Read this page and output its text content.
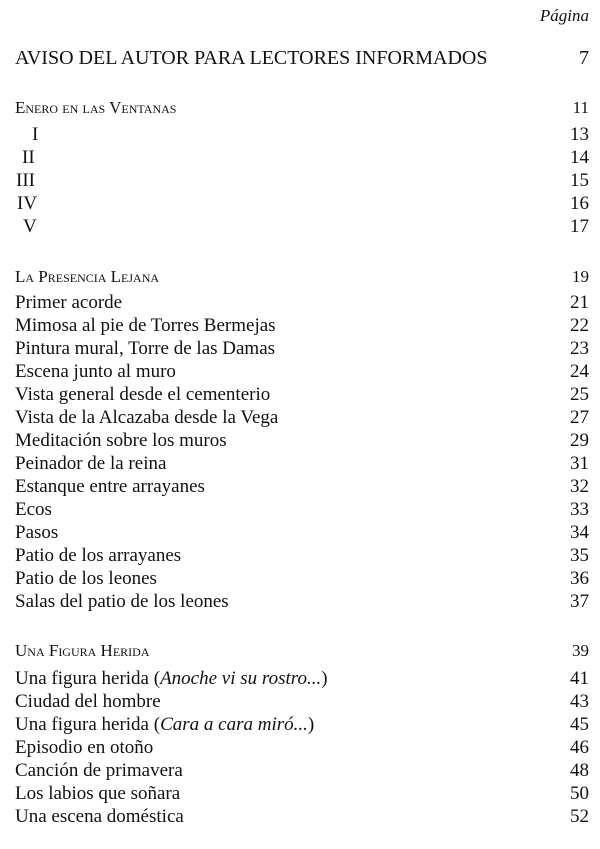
Página
AVISO DEL AUTOR PARA LECTORES INFORMADOS	7
Enero en las Ventanas	11
I	13
II	14
III	15
IV	16
V	17
La Presencia Lejana	19
Primer acorde	21
Mimosa al pie de Torres Bermejas	22
Pintura mural, Torre de las Damas	23
Escena junto al muro	24
Vista general desde el cementerio	25
Vista de la Alcazaba desde la Vega	27
Meditación sobre los muros	29
Peinador de la reina	31
Estanque entre arrayanes	32
Ecos	33
Pasos	34
Patio de los arrayanes	35
Patio de los leones	36
Salas del patio de los leones	37
Una Figura Herida	39
Una figura herida (Anoche vi su rostro...)	41
Ciudad del hombre	43
Una figura herida (Cara a cara miró...)	45
Episodio en otoño	46
Canción de primavera	48
Los labios que soñara	50
Una escena doméstica	52
